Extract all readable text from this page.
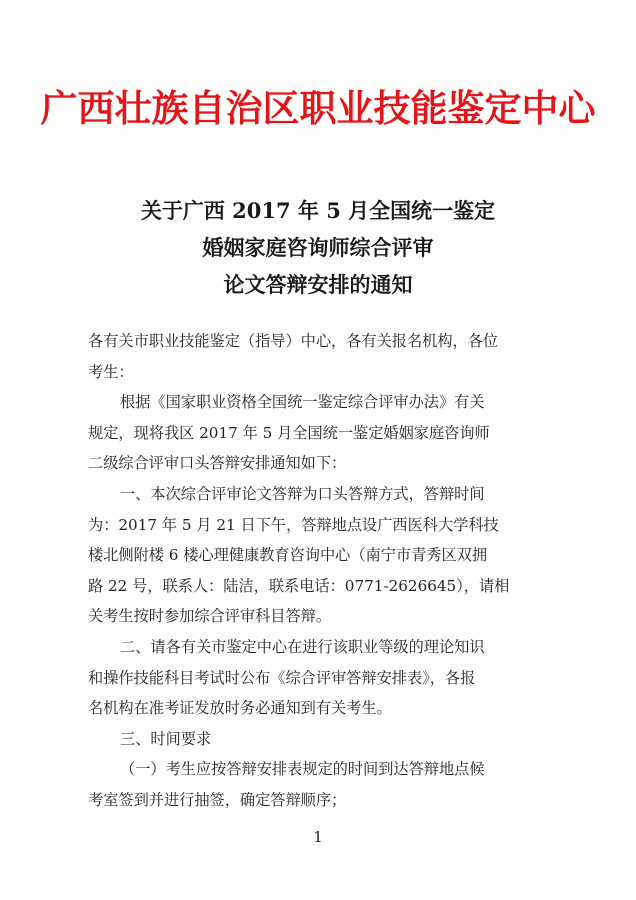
广西壮族自治区职业技能鉴定中心
关于广西 2017 年 5 月全国统一鉴定
婚姻家庭咨询师综合评审
论文答辩安排的通知
各有关市职业技能鉴定（指导）中心，各有关报名机构，各位
考生：
根据《国家职业资格全国统一鉴定综合评审办法》有关
规定，现将我区 2017 年 5 月全国统一鉴定婚姻家庭咨询师
二级综合评审口头答辩安排通知如下：
一、本次综合评审论文答辩为口头答辩方式，答辩时间
为：2017 年 5 月 21 日下午，答辩地点设广西医科大学科技
楼北侧附楼 6 楼心理健康教育咨询中心（南宁市青秀区双拥
路 22 号，联系人：陆洁，联系电话：0771-2626645），请相
关考生按时参加综合评审科目答辩。
二、请各有关市鉴定中心在进行该职业等级的理论知识
和操作技能科目考试时公布《综合评审答辩安排表》，各报
名机构在准考证发放时务必通知到有关考生。
三、时间要求
（一）考生应按答辩安排表规定的时间到达答辩地点候
考室签到并进行抽签，确定答辩顺序；
1
